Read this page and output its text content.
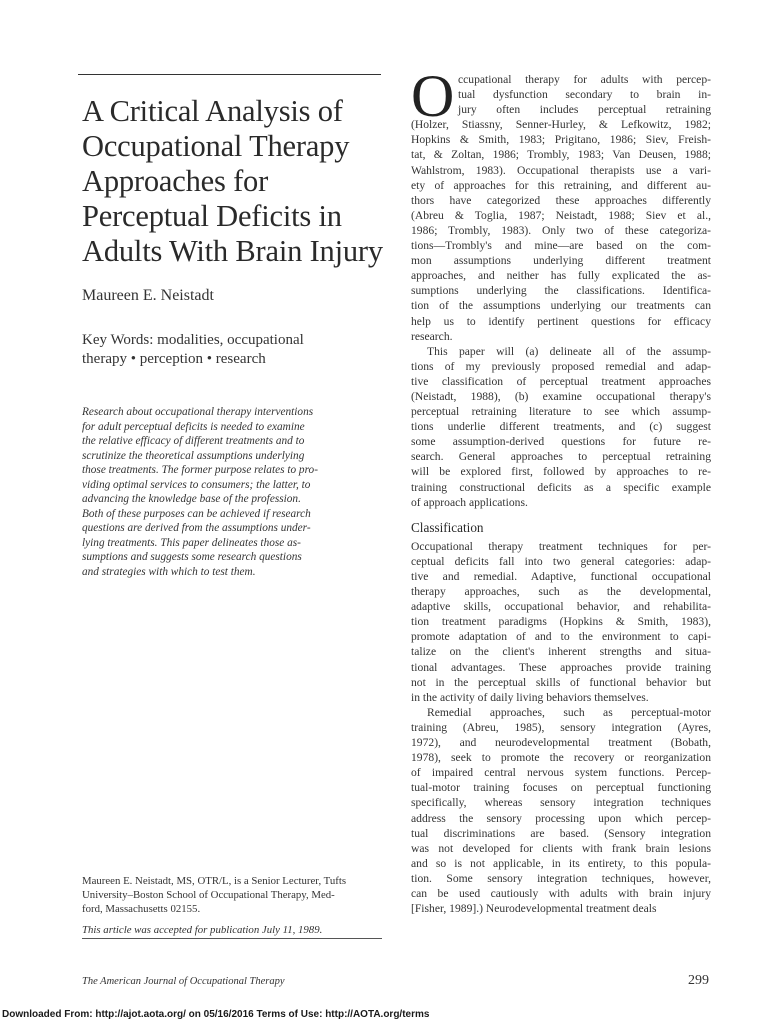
A Critical Analysis of
Occupational Therapy
Approaches for
Perceptual Deficits in
Adults With Brain Injury
Maureen E. Neistadt
Key Words: modalities, occupational
therapy • perception • research
Research about occupational therapy interventions
for adult perceptual deficits is needed to examine
the relative efficacy of different treatments and to
scrutinize the theoretical assumptions underlying
those treatments. The former purpose relates to pro-
viding optimal services to consumers; the latter, to
advancing the knowledge base of the profession.
Both of these purposes can be achieved if research
questions are derived from the assumptions under-
lying treatments. This paper delineates those as-
sumptions and suggests some research questions
and strategies with which to test them.
Maureen E. Neistadt, MS, OTR/L, is a Senior Lecturer, Tufts
University–Boston School of Occupational Therapy, Med-
ford, Massachusetts 02155.
This article was accepted for publication July 11, 1989.
O ccupational therapy for adults with percep-
tual dysfunction secondary to brain in-
jury often includes perceptual retraining
(Holzer, Stiassny, Senner-Hurley, & Lefkowitz, 1982;
Hopkins & Smith, 1983; Prigitano, 1986; Siev, Freish-
tat, & Zoltan, 1986; Trombly, 1983; Van Deusen, 1988;
Wahlstrom, 1983). Occupational therapists use a vari-
ety of approaches for this retraining, and different au-
thors have categorized these approaches differently
(Abreu & Toglia, 1987; Neistadt, 1988; Siev et al.,
1986; Trombly, 1983). Only two of these categoriza-
tions—Trombly's and mine—are based on the com-
mon assumptions underlying different treatment
approaches, and neither has fully explicated the as-
sumptions underlying the classifications. Identifica-
tion of the assumptions underlying our treatments can
help us to identify pertinent questions for efficacy
research.
This paper will (a) delineate all of the assump-
tions of my previously proposed remedial and adap-
tive classification of perceptual treatment approaches
(Neistadt, 1988), (b) examine occupational therapy's
perceptual retraining literature to see which assump-
tions underlie different treatments, and (c) suggest
some assumption-derived questions for future re-
search. General approaches to perceptual retraining
will be explored first, followed by approaches to re-
training constructional deficits as a specific example
of approach applications.
Classification
Occupational therapy treatment techniques for per-
ceptual deficits fall into two general categories: adap-
tive and remedial. Adaptive, functional occupational
therapy approaches, such as the developmental,
adaptive skills, occupational behavior, and rehabilita-
tion treatment paradigms (Hopkins & Smith, 1983),
promote adaptation of and to the environment to capi-
talize on the client's inherent strengths and situa-
tional advantages. These approaches provide training
not in the perceptual skills of functional behavior but
in the activity of daily living behaviors themselves.
Remedial approaches, such as perceptual-motor
training (Abreu, 1985), sensory integration (Ayres,
1972), and neurodevelopmental treatment (Bobath,
1978), seek to promote the recovery or reorganization
of impaired central nervous system functions. Percep-
tual-motor training focuses on perceptual functioning
specifically, whereas sensory integration techniques
address the sensory processing upon which percep-
tual discriminations are based. (Sensory integration
was not developed for clients with frank brain lesions
and so is not applicable, in its entirety, to this popula-
tion. Some sensory integration techniques, however,
can be used cautiously with adults with brain injury
[Fisher, 1989].) Neurodevelopmental treatment deals
The American Journal of Occupational Therapy	299
Downloaded From: http://ajot.aota.org/ on 05/16/2016 Terms of Use: http://AOTA.org/terms
